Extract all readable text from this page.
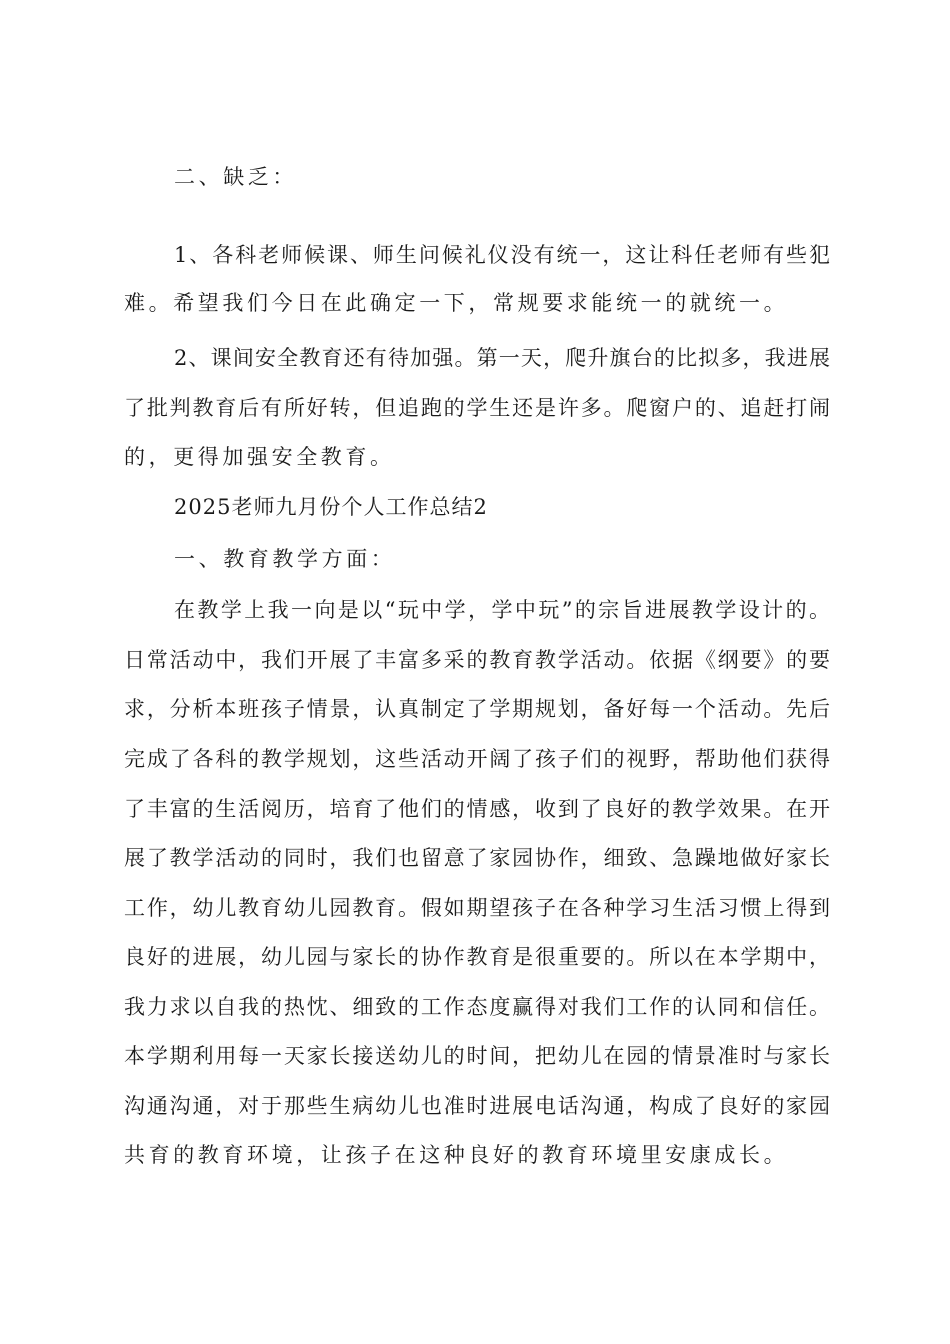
二、缺乏：
1、各科老师候课、师生问候礼仪没有统一，这让科任老师有些犯
难。希望我们今日在此确定一下，常规要求能统一的就统一。
2、课间安全教育还有待加强。第一天，爬升旗台的比拟多，我进展
了批判教育后有所好转，但追跑的学生还是许多。爬窗户的、追赶打闹
的，更得加强安全教育。
2025老师九月份个人工作总结2
一、教育教学方面：
在教学上我一向是以“玩中学，学中玩”的宗旨进展教学设计的。
日常活动中，我们开展了丰富多采的教育教学活动。依据《纲要》的要
求，分析本班孩子情景，认真制定了学期规划，备好每一个活动。先后
完成了各科的教学规划，这些活动开阔了孩子们的视野，帮助他们获得
了丰富的生活阅历，培育了他们的情感，收到了良好的教学效果。在开
展了教学活动的同时，我们也留意了家园协作，细致、急躁地做好家长
工作，幼儿教育幼儿园教育。假如期望孩子在各种学习生活习惯上得到
良好的进展，幼儿园与家长的协作教育是很重要的。所以在本学期中，
我力求以自我的热忱、细致的工作态度赢得对我们工作的认同和信任。
本学期利用每一天家长接送幼儿的时间，把幼儿在园的情景准时与家长
沟通沟通，对于那些生病幼儿也准时进展电话沟通，构成了良好的家园
共育的教育环境，让孩子在这种良好的教育环境里安康成长。
